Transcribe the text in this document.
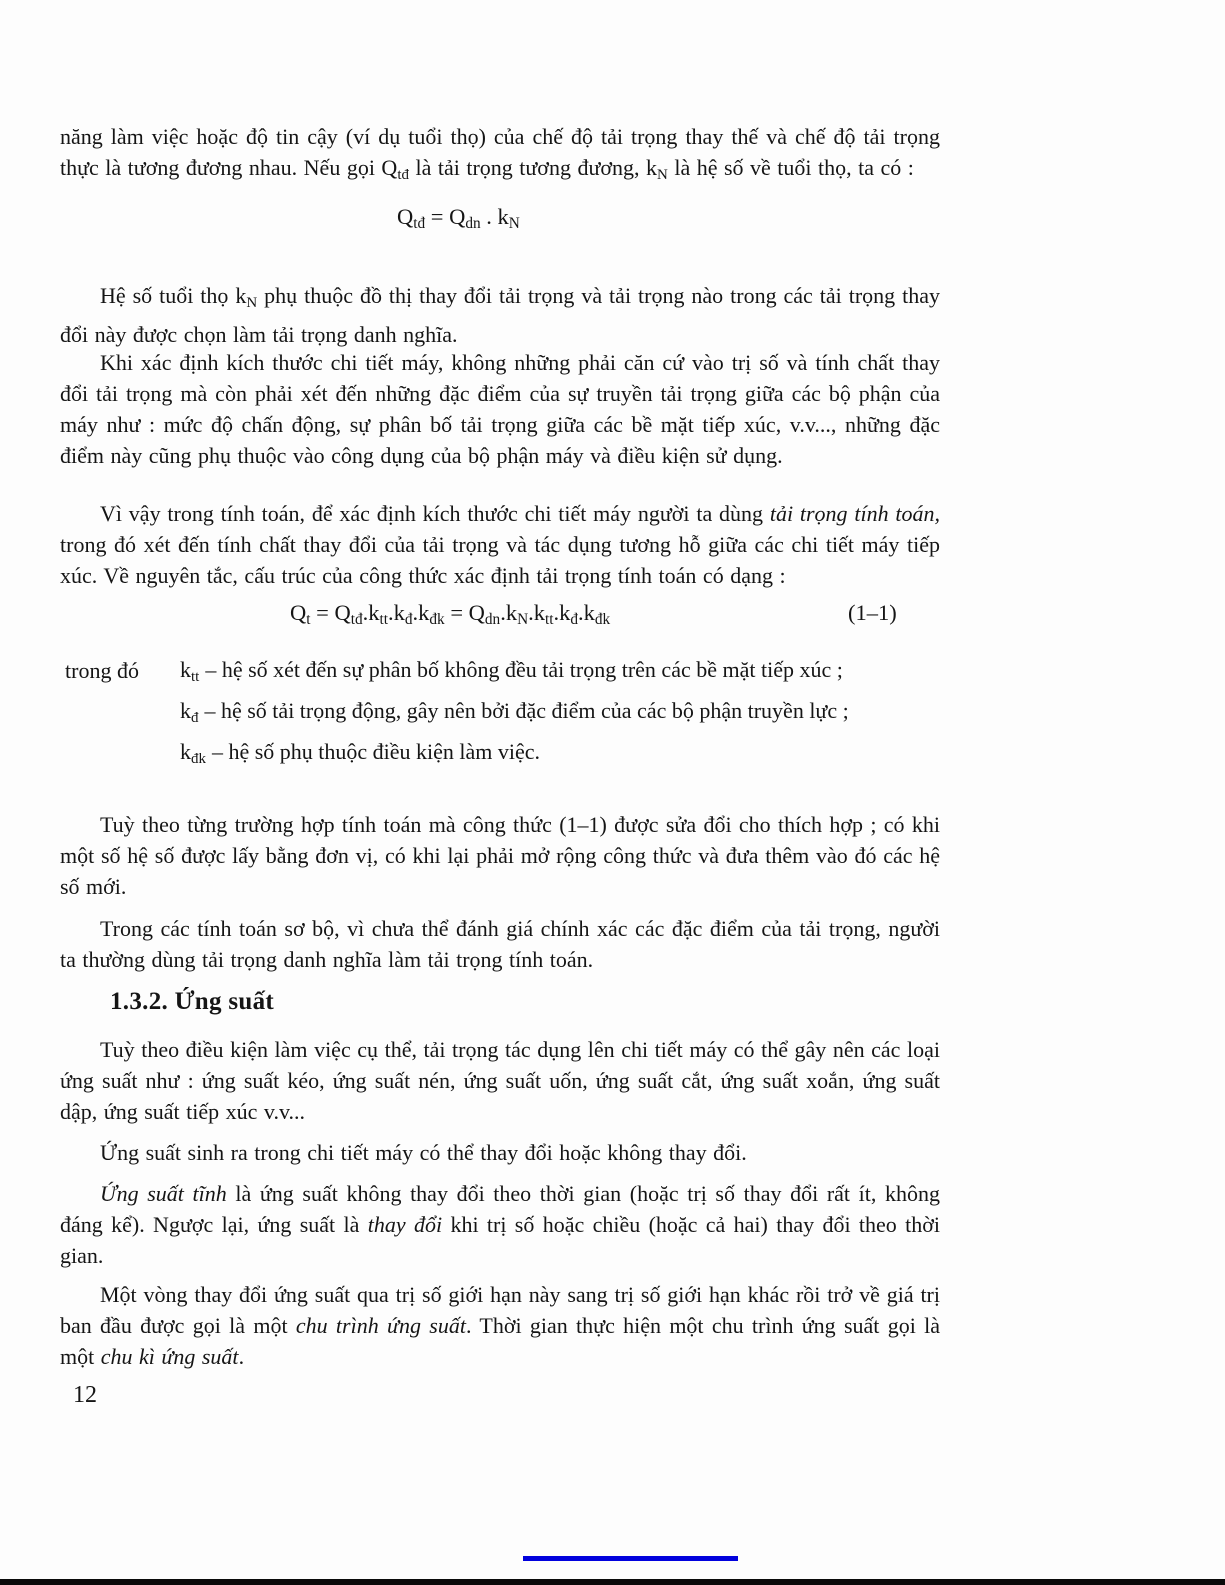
năng làm việc hoặc độ tin cậy (ví dụ tuổi thọ) của chế độ tải trọng thay thế và chế độ tải trọng thực là tương đương nhau. Nếu gọi Qtđ là tải trọng tương đương, kN là hệ số về tuổi thọ, ta có :

Qtđ = Qdn . kN

Hệ số tuổi thọ kN phụ thuộc đồ thị thay đổi tải trọng và tải trọng nào trong các tải trọng thay đổi này được chọn làm tải trọng danh nghĩa.

Khi xác định kích thước chi tiết máy, không những phải căn cứ vào trị số và tính chất thay đổi tải trọng mà còn phải xét đến những đặc điểm của sự truyền tải trọng giữa các bộ phận của máy như : mức độ chấn động, sự phân bố tải trọng giữa các bề mặt tiếp xúc, v.v..., những đặc điểm này cũng phụ thuộc vào công dụng của bộ phận máy và điều kiện sử dụng.

Vì vậy trong tính toán, để xác định kích thước chi tiết máy người ta dùng tải trọng tính toán, trong đó xét đến tính chất thay đổi của tải trọng và tác dụng tương hỗ giữa các chi tiết máy tiếp xúc. Về nguyên tắc, cấu trúc của công thức xác định tải trọng tính toán có dạng :

Qt = Qtđ.ktt.kđ.kđk = Qdn.kN.ktt.kđ.kđk	(1–1)
trong đó ktt – hệ số xét đến sự phân bố không đều tải trọng trên các bề mặt tiếp xúc ;
kđ – hệ số tải trọng động, gây nên bởi đặc điểm của các bộ phận truyền lực ;
kđk – hệ số phụ thuộc điều kiện làm việc.

Tuỳ theo từng trường hợp tính toán mà công thức (1–1) được sửa đổi cho thích hợp ; có khi một số hệ số được lấy bằng đơn vị, có khi lại phải mở rộng công thức và đưa thêm vào đó các hệ số mới.

Trong các tính toán sơ bộ, vì chưa thể đánh giá chính xác các đặc điểm của tải trọng, người ta thường dùng tải trọng danh nghĩa làm tải trọng tính toán.

1.3.2. Ứng suất

Tuỳ theo điều kiện làm việc cụ thể, tải trọng tác dụng lên chi tiết máy có thể gây nên các loại ứng suất như : ứng suất kéo, ứng suất nén, ứng suất uốn, ứng suất cắt, ứng suất xoắn, ứng suất dập, ứng suất tiếp xúc v.v...

Ứng suất sinh ra trong chi tiết máy có thể thay đổi hoặc không thay đổi.

Ứng suất tĩnh là ứng suất không thay đổi theo thời gian (hoặc trị số thay đổi rất ít, không đáng kể). Ngược lại, ứng suất là thay đổi khi trị số hoặc chiều (hoặc cả hai) thay đổi theo thời gian.

Một vòng thay đổi ứng suất qua trị số giới hạn này sang trị số giới hạn khác rồi trở về giá trị ban đầu được gọi là một chu trình ứng suất. Thời gian thực hiện một chu trình ứng suất gọi là một chu kì ứng suất.

12
